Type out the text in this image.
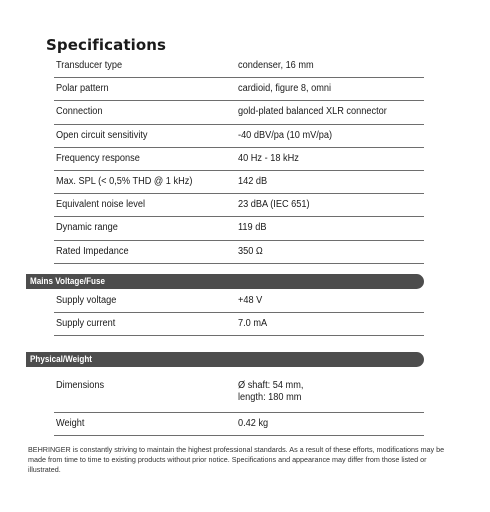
Specifications
Transducer type	condenser, 16 mm
Polar pattern	cardioid, figure 8, omni
Connection	gold-plated balanced XLR connector
Open circuit sensitivity	-40 dBV/pa (10 mV/pa)
Frequency response	40 Hz - 18 kHz
Max. SPL (< 0,5% THD @ 1 kHz)	142 dB
Equivalent noise level	23 dBA (IEC 651)
Dynamic range	119 dB
Rated Impedance	350 Ω
Mains Voltage/Fuse
Supply voltage	+48 V
Supply current	7.0 mA
Physical/Weight
Dimensions	Ø shaft: 54 mm,
length: 180 mm
Weight	0.42 kg
BEHRINGER is constantly striving to maintain the highest professional standards. As a result of these efforts, modifications may be made from time to time to existing products without prior notice. Specifications and appearance may differ from those listed or illustrated.
